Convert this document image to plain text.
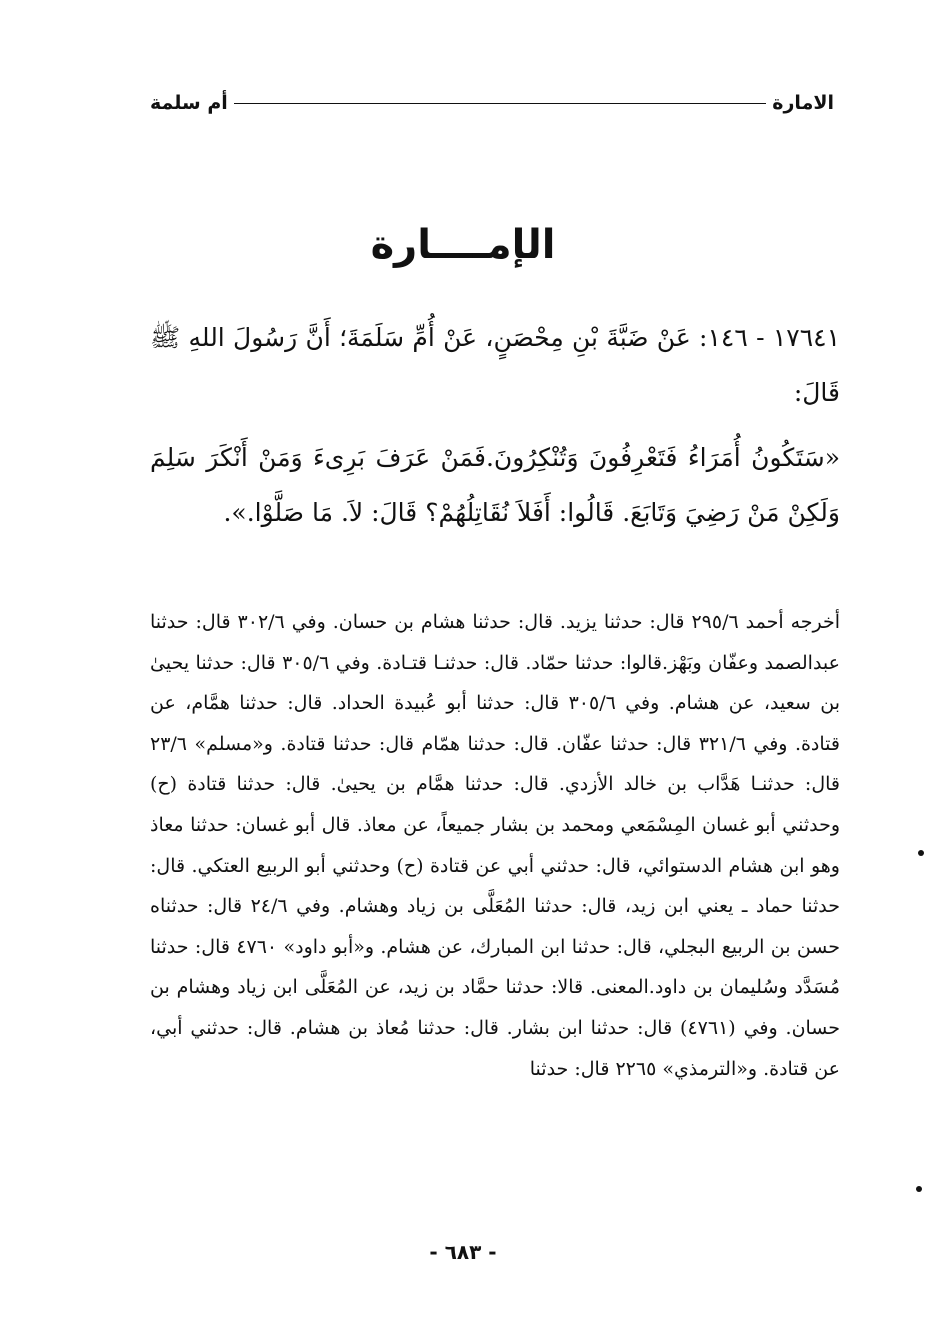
الامارة
أم سلمة
الإمــــارة

١٧٦٤١ - ١٤٦: عَنْ ضَبَّةَ بْنِ مِحْصَنٍ، عَنْ أُمِّ سَلَمَةَ؛ أَنَّ رَسُولَ اللهِ ﷺ قَالَ:

«سَتَكُونُ أُمَرَاءُ فَتَعْرِفُونَ وَتُنْكِرُونَ.فَمَنْ عَرَفَ بَرِىءَ وَمَنْ أَنْكَرَ سَلِمَ وَلَكِنْ مَنْ رَضِيَ وَتَابَعَ. قَالُوا: أَفَلاَ نُقَاتِلُهُمْ؟ قَالَ: لاَ. مَا صَلَّوْا.».

أخرجه أحمد ٢٩٥/٦ قال: حدثنا يزيد. قال: حدثنا هشام بن حسان. وفي ٣٠٢/٦ قال: حدثنا عبدالصمد وعفّان وبَهْز.قالوا: حدثنا حمّاد. قال: حدثنـا قتـادة. وفي ٣٠٥/٦ قال: حدثنا يحيىٰ بن سعيد، عن هشام. وفي ٣٠٥/٦ قال: حدثنا أبو عُبيدة الحداد. قال: حدثنا همَّام، عن قتادة. وفي ٣٢١/٦ قال: حدثنا عفّان. قال: حدثنا همّام قال: حدثنا قتادة. و«مسلم» ٢٣/٦ قال: حدثنـا هَدَّاب بن خالد الأزدي. قال: حدثنا همَّام بن يحيىٰ. قال: حدثنا قتادة (ح) وحدثني أبو غسان المِسْمَعي ومحمد بن بشار جميعاً، عن معاذ. قال أبو غسان: حدثنا معاذ وهو ابن هشام الدستوائي، قال: حدثني أبي عن قتادة (ح) وحدثني أبو الربيع العتكي. قال: حدثنا حماد ـ يعني ابن زيد، قال: حدثنا المُعَلَّى بن زياد وهشام. وفي ٢٤/٦ قال: حدثناه حسن بن الربيع البجلي، قال: حدثنا ابن المبارك، عن هشام. و«أبو داود» ٤٧٦٠ قال: حدثنا مُسَدَّد وسُليمان بن داود.المعنى. قالا: حدثنا حمَّاد بن زيد، عن المُعَلَّى ابن زياد وهشام بن حسان. وفي (٤٧٦١) قال: حدثنا ابن بشار. قال: حدثنا مُعاذ بن هشام. قال: حدثني أبي، عن قتادة. و«الترمذي» ٢٢٦٥ قال: حدثنا

- ٦٨٣ -
